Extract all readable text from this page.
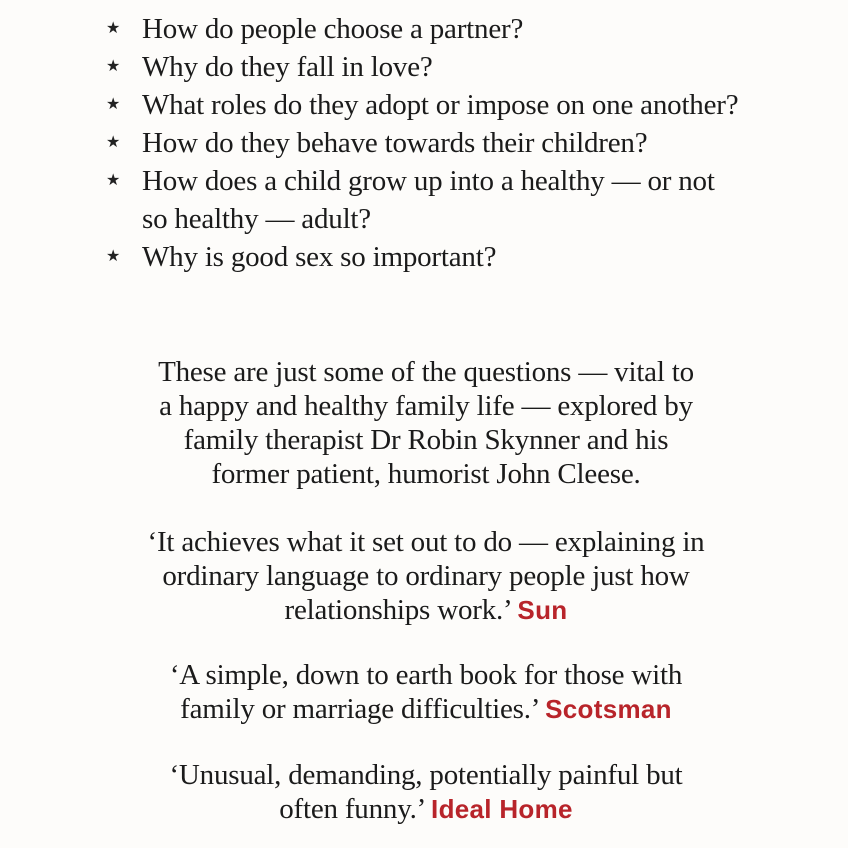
★ How do people choose a partner?
★ Why do they fall in love?
★ What roles do they adopt or impose on one another?
★ How do they behave towards their children?
★ How does a child grow up into a healthy — or not so healthy — adult?
★ Why is good sex so important?
These are just some of the questions — vital to
a happy and healthy family life — explored by
family therapist Dr Robin Skynner and his
former patient, humorist John Cleese.
‘It achieves what it set out to do — explaining in
ordinary language to ordinary people just how
relationships work.’ Sun
‘A simple, down to earth book for those with
family or marriage difficulties.’ Scotsman
‘Unusual, demanding, potentially painful but
often funny.’ Ideal Home
